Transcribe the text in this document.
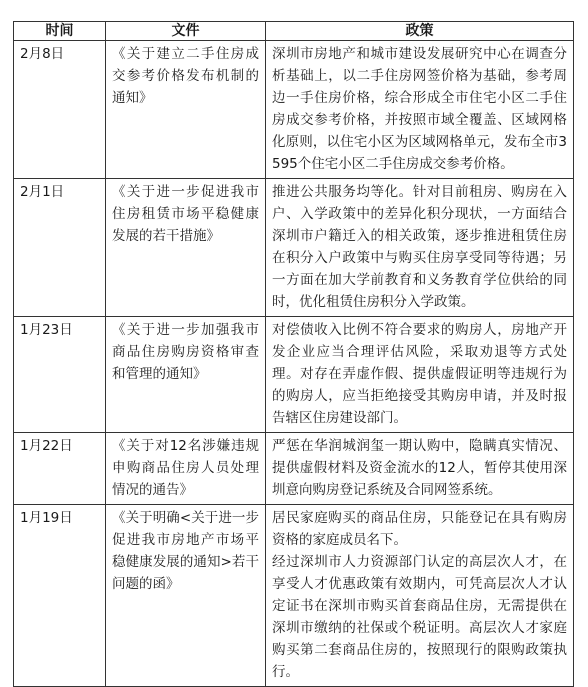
时间	文件	政策
2月8日	《关于建立二手住房成交参考价格发布机制的通知》	深圳市房地产和城市建设发展研究中心在调查分析基础上，以二手住房网签价格为基础，参考周边一手住房价格，综合形成全市住宅小区二手住房成交参考价格，并按照市域全覆盖、区域网格化原则，以住宅小区为区域网格单元，发布全市3595个住宅小区二手住房成交参考价格。

2月1日	《关于进一步促进我市住房租赁市场平稳健康发展的若干措施》	推进公共服务均等化。针对目前租房、购房在入户、入学政策中的差异化积分现状，一方面结合深圳市户籍迁入的相关政策，逐步推进租赁住房在积分入户政策中与购买住房享受同等待遇；另一方面在加大学前教育和义务教育学位供给的同时，优化租赁住房积分入学政策。

1月23日	《关于进一步加强我市商品住房购房资格审查和管理的通知》	对偿债收入比例不符合要求的购房人，房地产开发企业应当合理评估风险，采取劝退等方式处理。对存在弄虚作假、提供虚假证明等违规行为的购房人，应当拒绝接受其购房申请，并及时报告辖区住房建设部门。

1月22日	《关于对12名涉嫌违规申购商品住房人员处理情况的通告》	严惩在华润城润玺一期认购中，隐瞒真实情况、提供虚假材料及资金流水的12人，暂停其使用深圳意向购房登记系统及合同网签系统。

1月19日	《关于明确<关于进一步促进我市房地产市场平稳健康发展的通知>若干问题的函》	居民家庭购买的商品住房，只能登记在具有购房资格的家庭成员名下。
经过深圳市人力资源部门认定的高层次人才，在享受人才优惠政策有效期内，可凭高层次人才认定证书在深圳市购买首套商品住房，无需提供在深圳市缴纳的社保或个税证明。高层次人才家庭购买第二套商品住房的，按照现行的限购政策执行。
